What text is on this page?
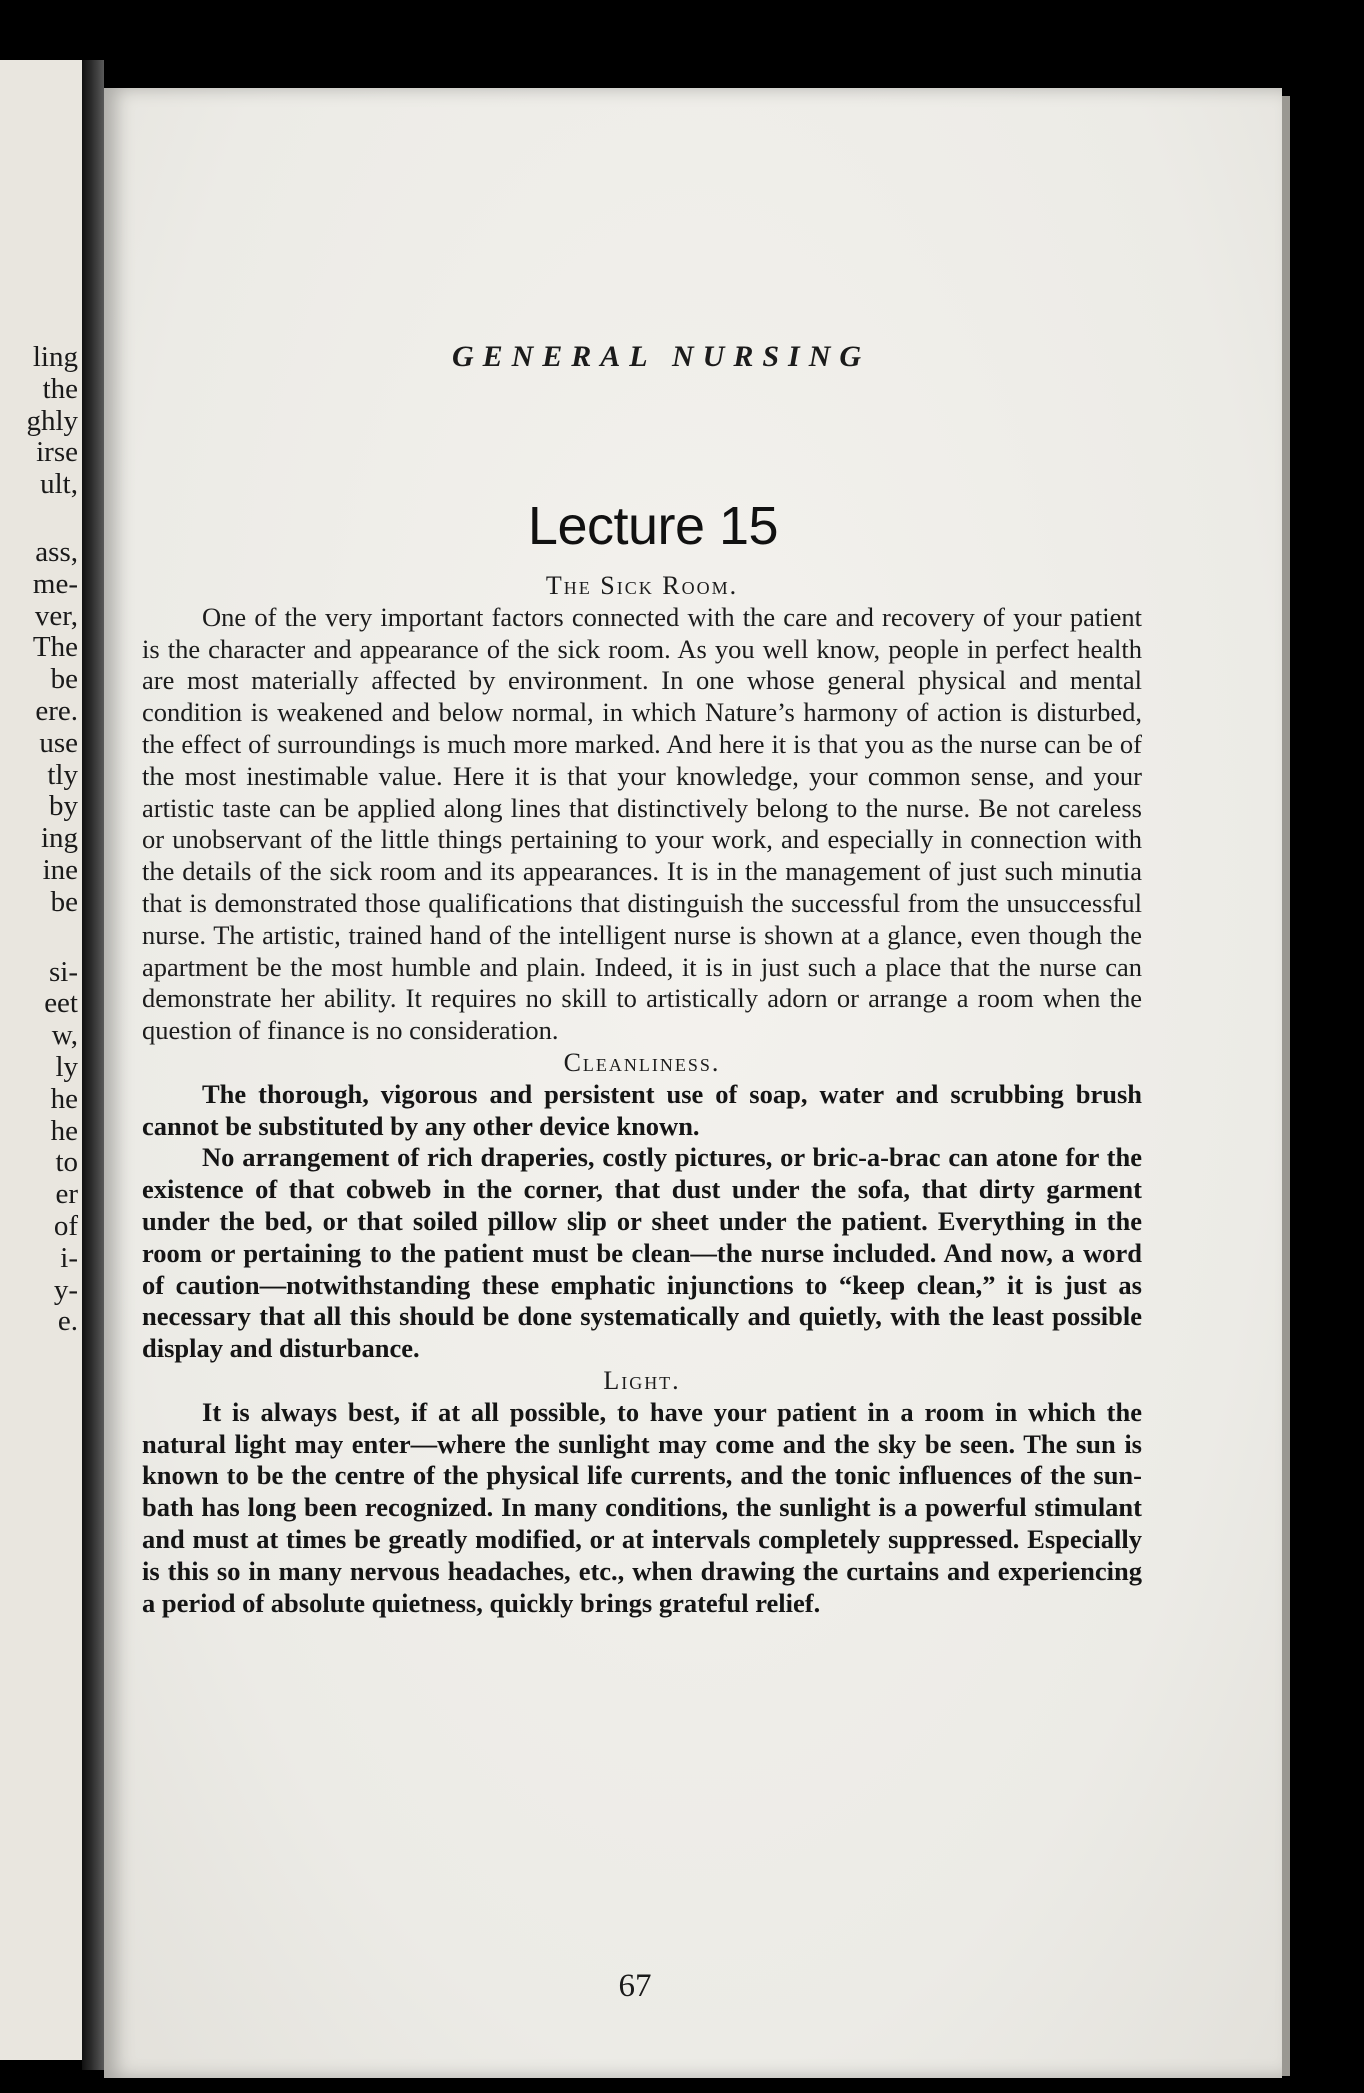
ling
the
ghly
irse
ult,
ass,
me-
ver,
The
be
ere.
use
tly
by
ing
ine
be
si-
eet
w,
ly
he
he
to
er
of
i-
y-
e.
GENERAL NURSING
Lecture 15
The Sick Room.

One of the very important factors connected with the care and recovery of your patient is the character and appearance of the sick room. As you well know, people in perfect health are most materially affected by environment. In one whose general physical and mental condition is weakened and below normal, in which Nature’s harmony of action is disturbed, the effect of surroundings is much more marked. And here it is that you as the nurse can be of the most inestimable value. Here it is that your knowledge, your common sense, and your artistic taste can be applied along lines that distinctively belong to the nurse. Be not careless or unobservant of the little things pertaining to your work, and especially in connection with the details of the sick room and its appearances. It is in the management of just such minutia that is demonstrated those qualifications that distinguish the successful from the unsuccessful nurse. The artistic, trained hand of the intelligent nurse is shown at a glance, even though the apartment be the most humble and plain. Indeed, it is in just such a place that the nurse can demonstrate her ability. It requires no skill to artistically adorn or arrange a room when the question of finance is no consideration.

Cleanliness.

The thorough, vigorous and persistent use of soap, water and scrubbing brush cannot be substituted by any other device known.

No arrangement of rich draperies, costly pictures, or bric-a-brac can atone for the existence of that cobweb in the corner, that dust under the sofa, that dirty garment under the bed, or that soiled pillow slip or sheet under the patient. Everything in the room or pertaining to the patient must be clean—the nurse included. And now, a word of caution—notwithstanding these emphatic injunctions to “keep clean,” it is just as necessary that all this should be done systematically and quietly, with the least possible display and disturbance.

Light.

It is always best, if at all possible, to have your patient in a room in which the natural light may enter—where the sunlight may come and the sky be seen. The sun is known to be the centre of the physical life currents, and the tonic influences of the sun-bath has long been recognized. In many conditions, the sunlight is a powerful stimulant and must at times be greatly modified, or at intervals completely suppressed. Especially is this so in many nervous headaches, etc., when drawing the curtains and experiencing a period of absolute quietness, quickly brings grateful relief.

67
